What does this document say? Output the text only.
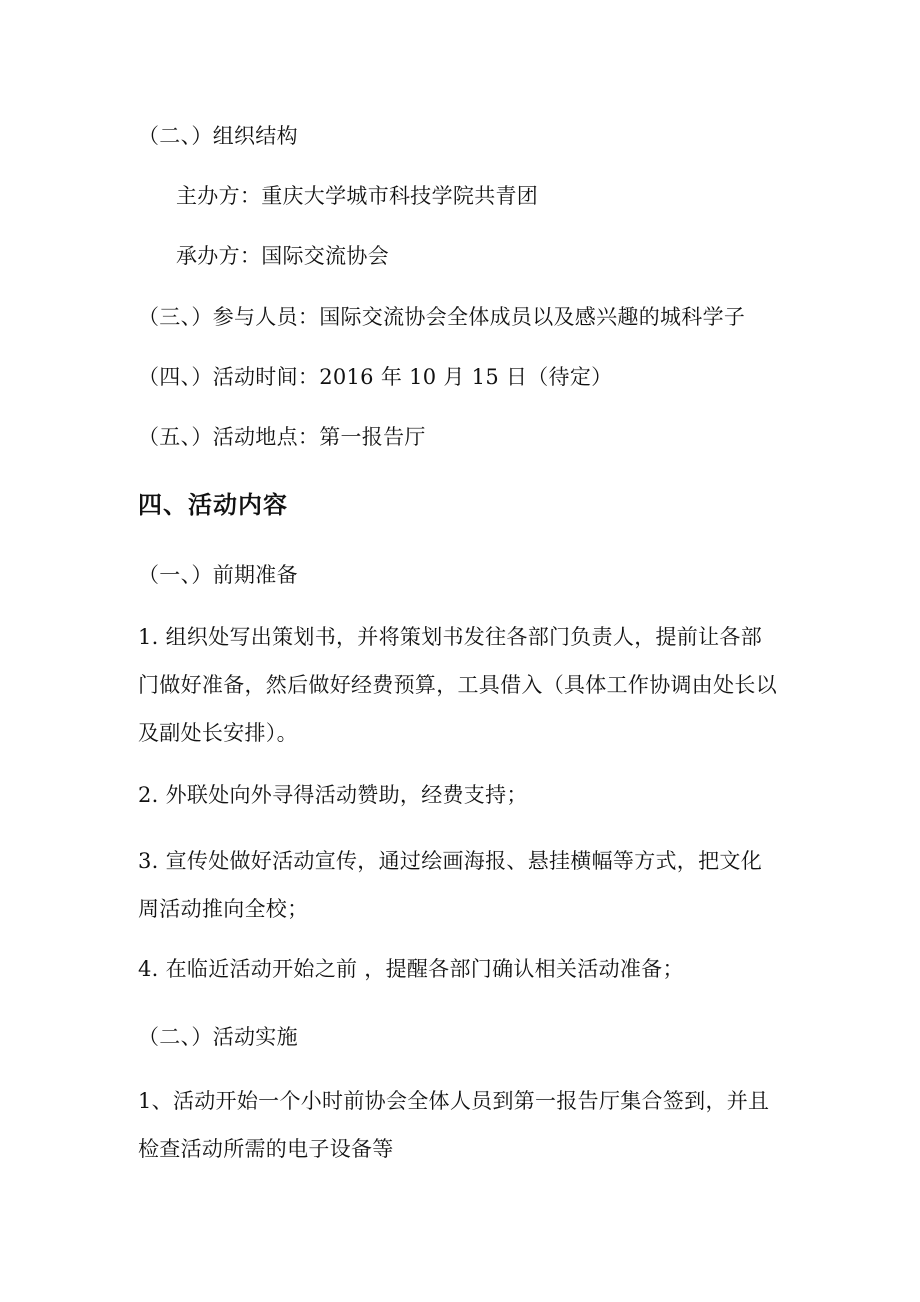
（二、）组织结构
主办方：重庆大学城市科技学院共青团
承办方：国际交流协会
（三、）参与人员：国际交流协会全体成员以及感兴趣的城科学子
（四、）活动时间：2016 年 10 月 15 日（待定）
（五、）活动地点：第一报告厅
四、活动内容
（一、）前期准备
1. 组织处写出策划书，并将策划书发往各部门负责人，提前让各部门做好准备，然后做好经费预算，工具借入（具体工作协调由处长以及副处长安排）。
2. 外联处向外寻得活动赞助，经费支持；
3. 宣传处做好活动宣传，通过绘画海报、悬挂横幅等方式，把文化周活动推向全校；
4. 在临近活动开始之前 ，提醒各部门确认相关活动准备；
（二、）活动实施
1、活动开始一个小时前协会全体人员到第一报告厅集合签到，并且检查活动所需的电子设备等
